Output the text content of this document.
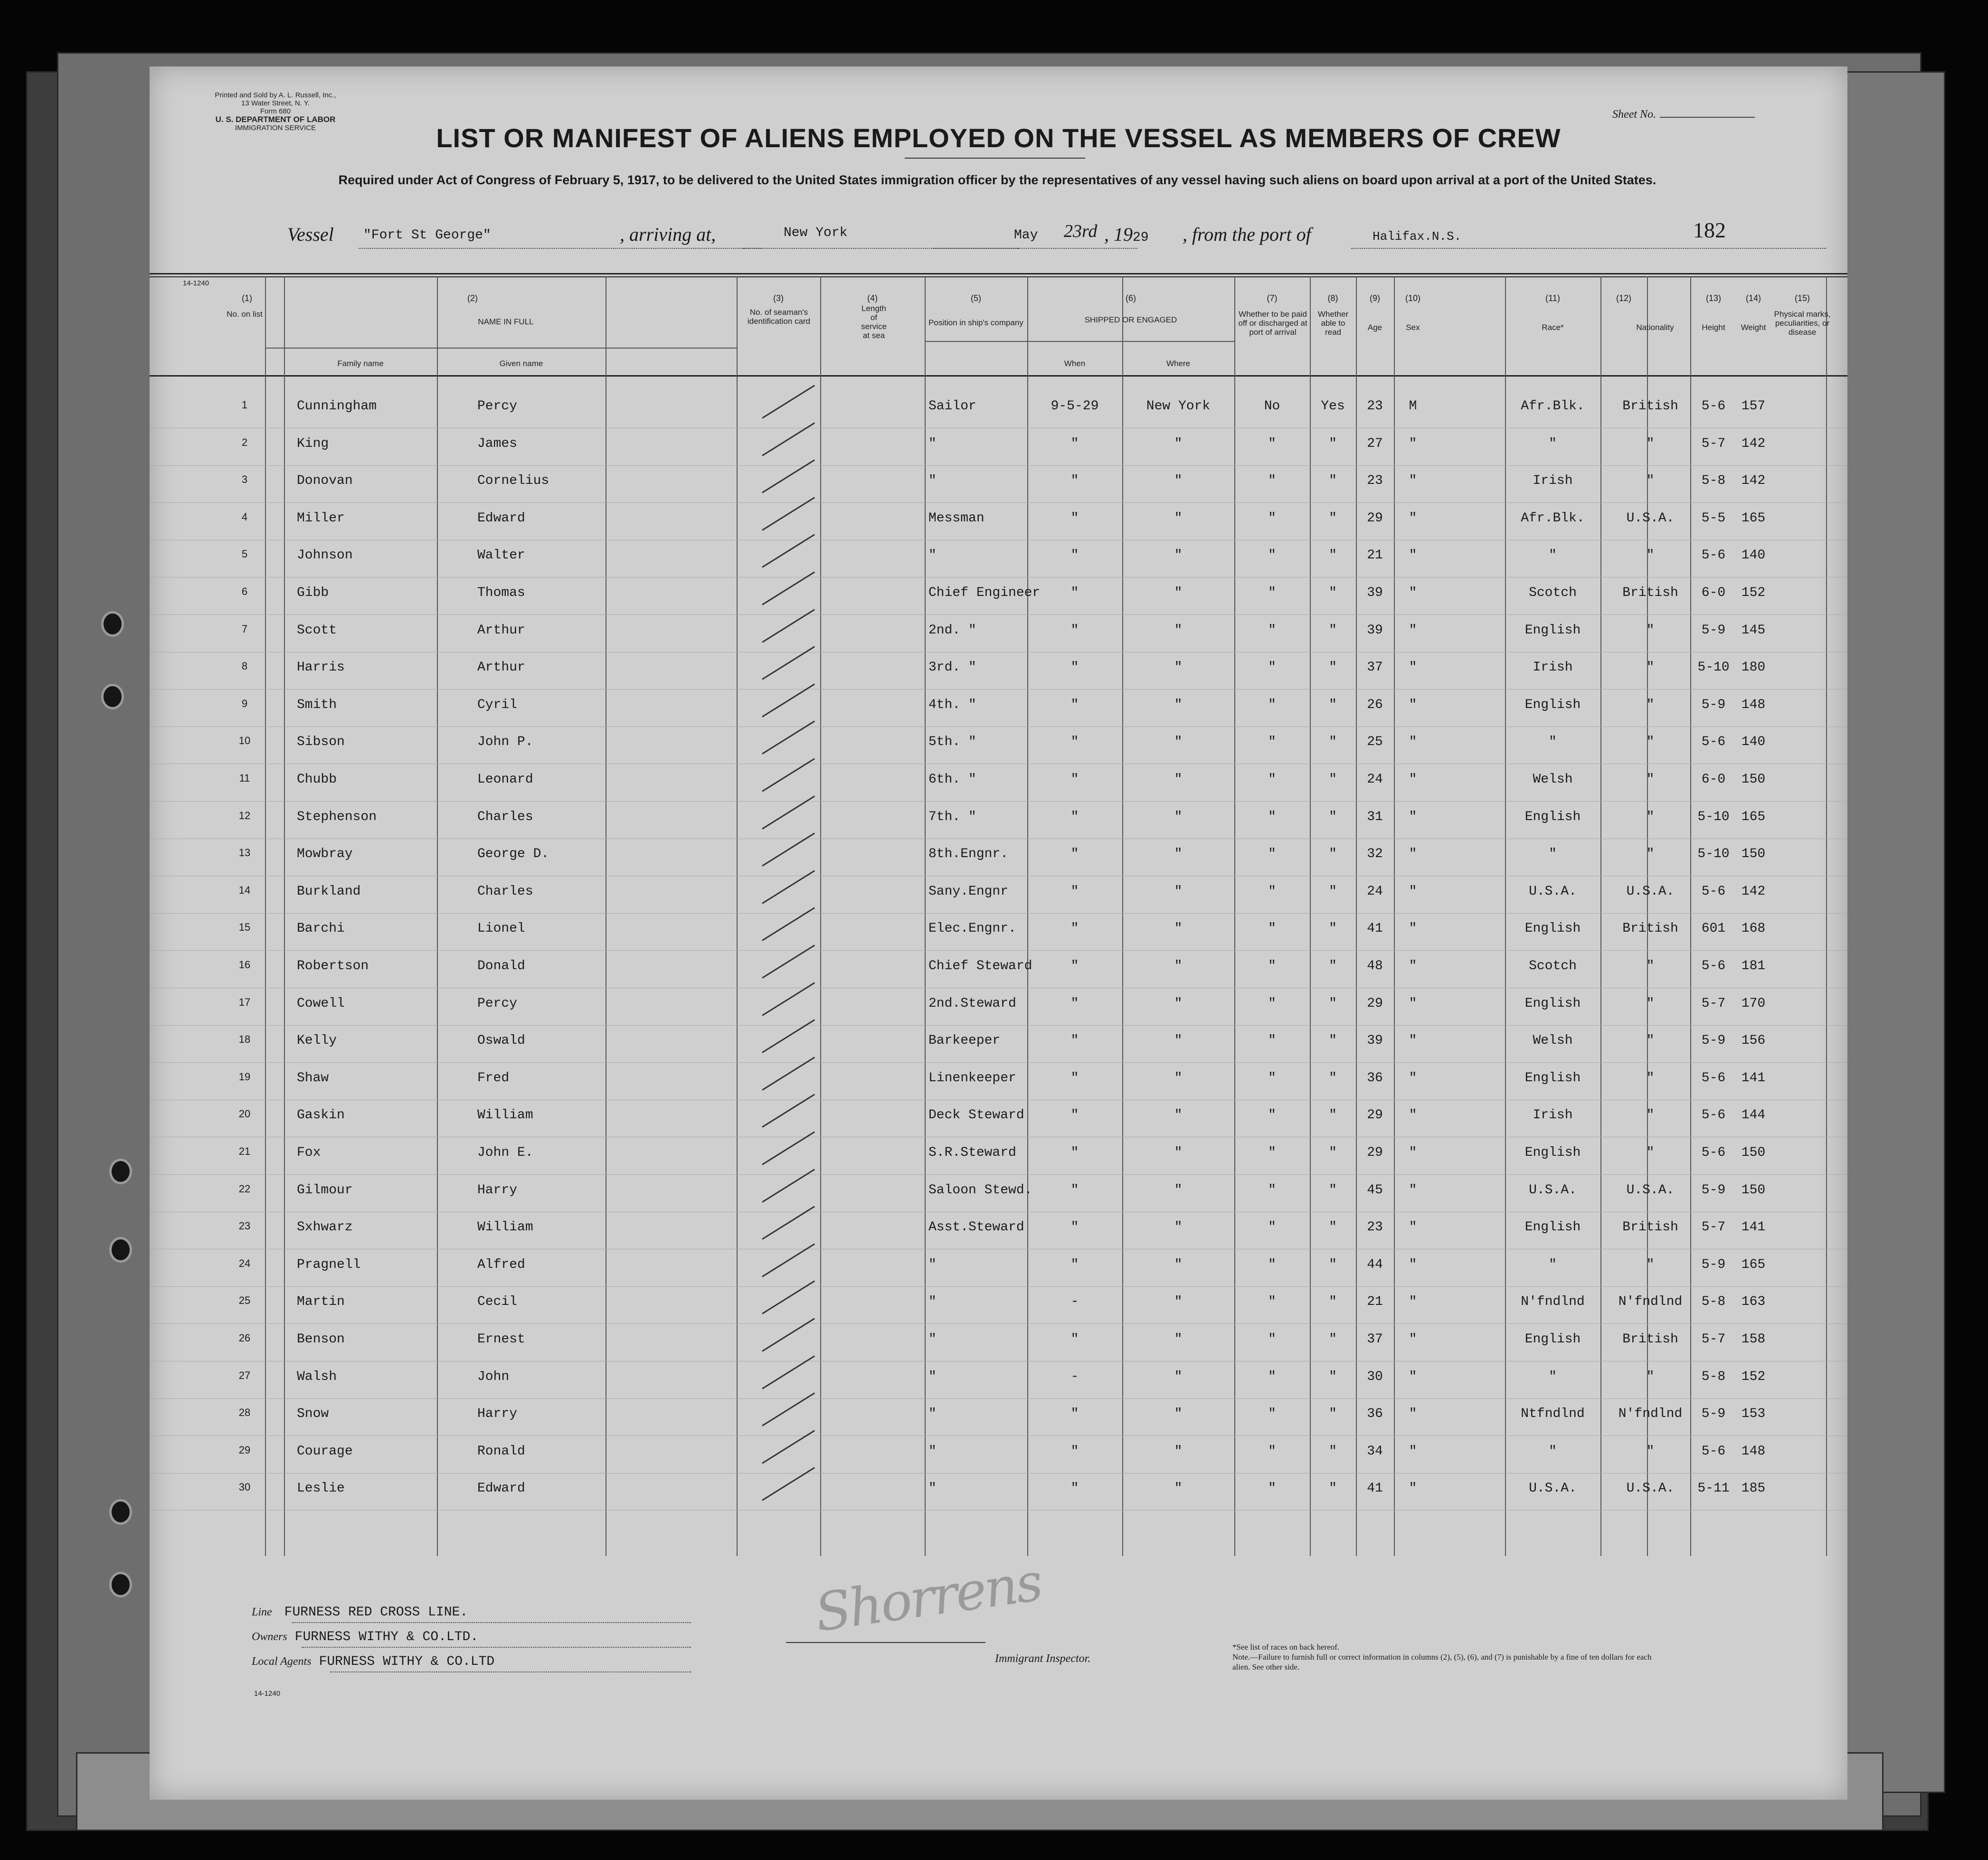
Printed and Sold by A. L. Russell, Inc., 13 Water Street, N. Y.
Form 680
U. S. DEPARTMENT OF LABOR
IMMIGRATION SERVICE
Sheet No.
LIST OR MANIFEST OF ALIENS EMPLOYED ON THE VESSEL AS MEMBERS OF CREW
Required under Act of Congress of February 5, 1917, to be delivered to the United States immigration officer by the representatives of any vessel having such aliens on board upon arrival at a port of the United States.
182
Vessel "Fort St George"	, arriving at,	New York	May 23rd , 1929 , from the port of	Halifax.N.S.
14-1240
(1)
No. on list
(2)
NAME IN FULL
Family name	Given name
(3)
No. of seaman's identification card
(4)
Length of service at sea
(5)
Position in ship's company
(6)
SHIPPED OR ENGAGED
When	Where
(7)
Whether to be paid off or discharged at port of arrival
(8)
Whether able to read
(9)
Age
(10)
Sex
(11)
Race*
(12)
Nationality
(13)
Height
(14)
Weight
(15)
Physical marks, peculiarities, or disease
1	Cunningham	Percy	Sailor	9-5-29	New York	No	Yes	23	M	Afr.Blk.	British	5-6	157
2	King	James	"	"	"	"	"	27	"	"	"	5-7	142
3	Donovan	Cornelius	"	"	"	"	"	23	"	Irish	"	5-8	142
4	Miller	Edward	Messman	"	"	"	"	29	"	Afr.Blk.	U.S.A.	5-5	165
5	Johnson	Walter	"	"	"	"	"	21	"	"	"	5-6	140
6	Gibb	Thomas	Chief Engineer	"	"	"	"	39	"	Scotch	British	6-0	152
7	Scott	Arthur	2nd. "	"	"	"	"	39	"	English	"	5-9	145
8	Harris	Arthur	3rd. "	"	"	"	"	37	"	Irish	"	5-10 180
9	Smith	Cyril	4th. "	"	"	"	"	26	"	English	"	5-9	148
10	Sibson	John P.	5th. "	"	"	"	"	25	"	"	"	5-6	140
11	Chubb	Leonard	6th. "	"	"	"	"	24	"	Welsh	"	6-0	150
12	Stephenson	Charles	7th. "	"	"	"	"	31	"	English	"	5-10 165
13	Mowbray	George D.	8th.Engnr.	"	"	"	"	32	"	"	"	5-10 150
14	Burkland	Charles	Sany.Engnr	"	"	"	"	24	"	U.S.A.	U.S.A.	5-6	142
15	Barchi	Lionel	Elec.Engnr.	"	"	"	"	41	"	English	British	601	168
16	Robertson	Donald	Chief Steward	"	"	"	"	48	"	Scotch	"	5-6	181
17	Cowell	Percy	2nd.Steward	"	"	"	"	29	"	English	"	5-7	170
18	Kelly	Oswald	Barkeeper	"	"	"	"	39	"	Welsh	"	5-9	156
19	Shaw	Fred	Linenkeeper	"	"	"	"	36	"	English	"	5-6	141
20	Gaskin	William	Deck Steward	"	"	"	"	29	"	Irish	"	5-6	144
21	Fox	John E.	S.R.Steward	"	"	"	"	29	"	English	"	5-6	150
22	Gilmour	Harry	Saloon Stewd.	"	"	"	"	45	"	U.S.A.	U.S.A.	5-9	150
23	Sxhwarz	William	Asst.Steward	"	"	"	"	23	"	English	British	5-7	141
24	Pragnell	Alfred	"	"	"	"	"	44	"	"	"	5-9	165
25	Martin	Cecil	"	-	"	"	"	21	"	N'fndlnd	N'fndlnd	5-8	163
26	Benson	Ernest	"	"	"	"	"	37	"	English	British	5-7	158
27	Walsh	John	"	-	"	"	"	30	"	"	"	5-8	152
28	Snow	Harry	"	"	"	"	"	36	"	Ntfndlnd	N'fndlnd	5-9	153
29	Courage	Ronald	"	"	"	"	"	34	"	"	"	5-6	148
30	Leslie	Edward	"	"	"	"	"	41	"	U.S.A.	U.S.A.	5-11 185
Line FURNESS RED CROSS LINE.
Owners FURNESS WITHY & CO.LTD.
Local Agents FURNESS WITHY & CO.LTD
14-1240
Shorrens
Immigrant Inspector.
*See list of races on back hereof.
Note.—Failure to furnish full or correct information in columns (2), (5), (6), and (7) is punishable by a fine of ten dollars for each alien. See other side.
